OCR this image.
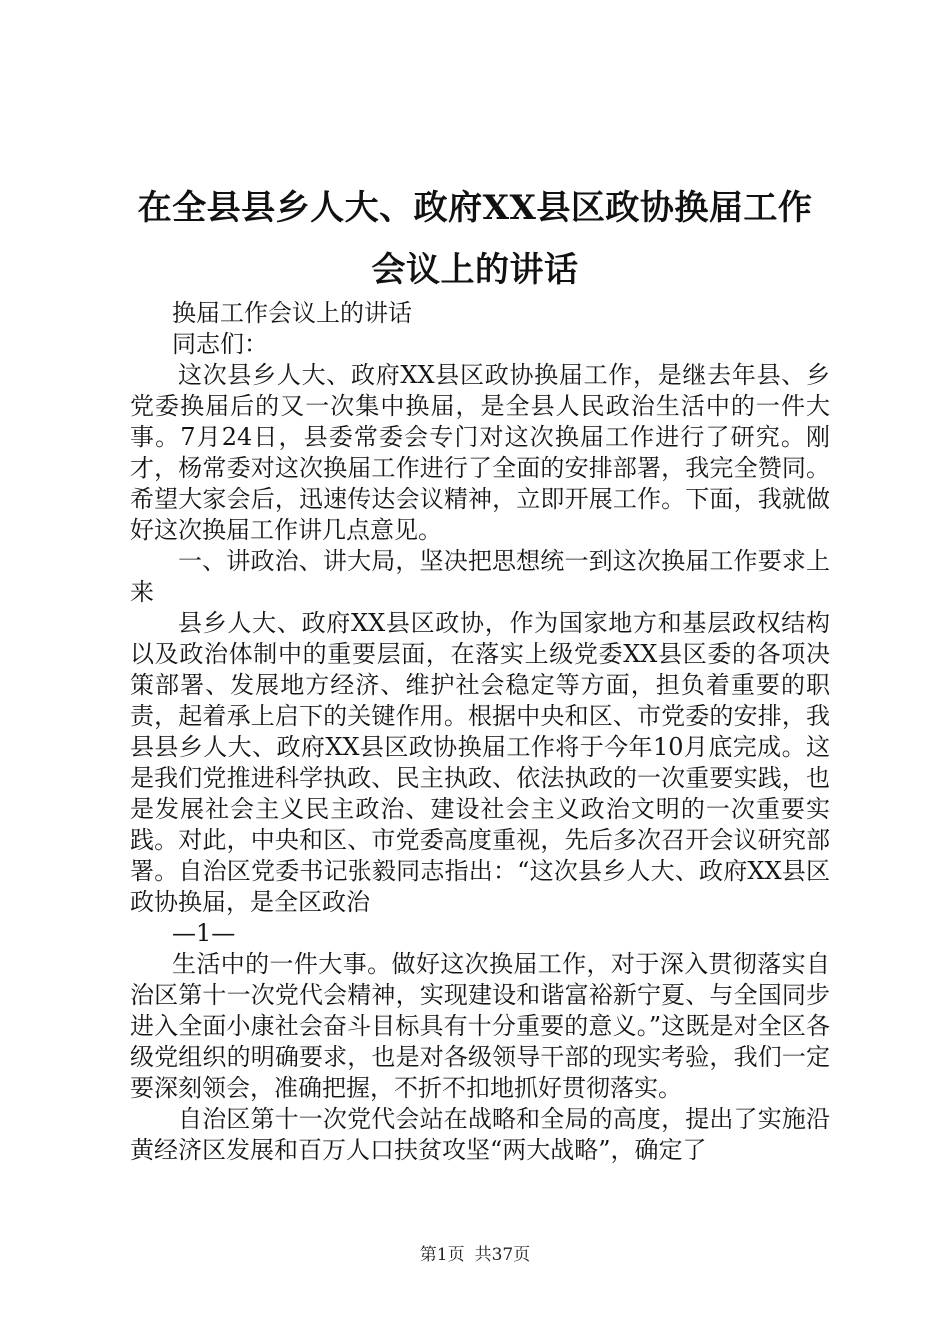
在全县县乡人大、政府XX县区政协换届工作
会议上的讲话

换届工作会议上的讲话

同志们：

这次县乡人大、政府XX县区政协换届工作，是继去年县、乡党委换届后的又一次集中换届，是全县人民政治生活中的一件大事。7月24日，县委常委会专门对这次换届工作进行了研究。刚才，杨常委对这次换届工作进行了全面的安排部署，我完全赞同。希望大家会后，迅速传达会议精神，立即开展工作。下面，我就做好这次换届工作讲几点意见。

一、讲政治、讲大局，坚决把思想统一到这次换届工作要求上来

县乡人大、政府XX县区政协，作为国家地方和基层政权结构以及政治体制中的重要层面，在落实上级党委XX县区委的各项决策部署、发展地方经济、维护社会稳定等方面，担负着重要的职责，起着承上启下的关键作用。根据中央和区、市党委的安排，我县县乡人大、政府XX县区政协换届工作将于今年10月底完成。这是我们党推进科学执政、民主执政、依法执政的一次重要实践，也是发展社会主义民主政治、建设社会主义政治文明的一次重要实践。对此，中央和区、市党委高度重视，先后多次召开会议研究部署。自治区党委书记张毅同志指出：“这次县乡人大、政府XX县区政协换届，是全区政治

—1—

生活中的一件大事。做好这次换届工作，对于深入贯彻落实自治区第十一次党代会精神，实现建设和谐富裕新宁夏、与全国同步进入全面小康社会奋斗目标具有十分重要的意义。”这既是对全区各级党组织的明确要求，也是对各级领导干部的现实考验，我们一定要深刻领会，准确把握，不折不扣地抓好贯彻落实。

自治区第十一次党代会站在战略和全局的高度，提出了实施沿黄经济区发展和百万人口扶贫攻坚“两大战略”，确定了

第1页 共37页
